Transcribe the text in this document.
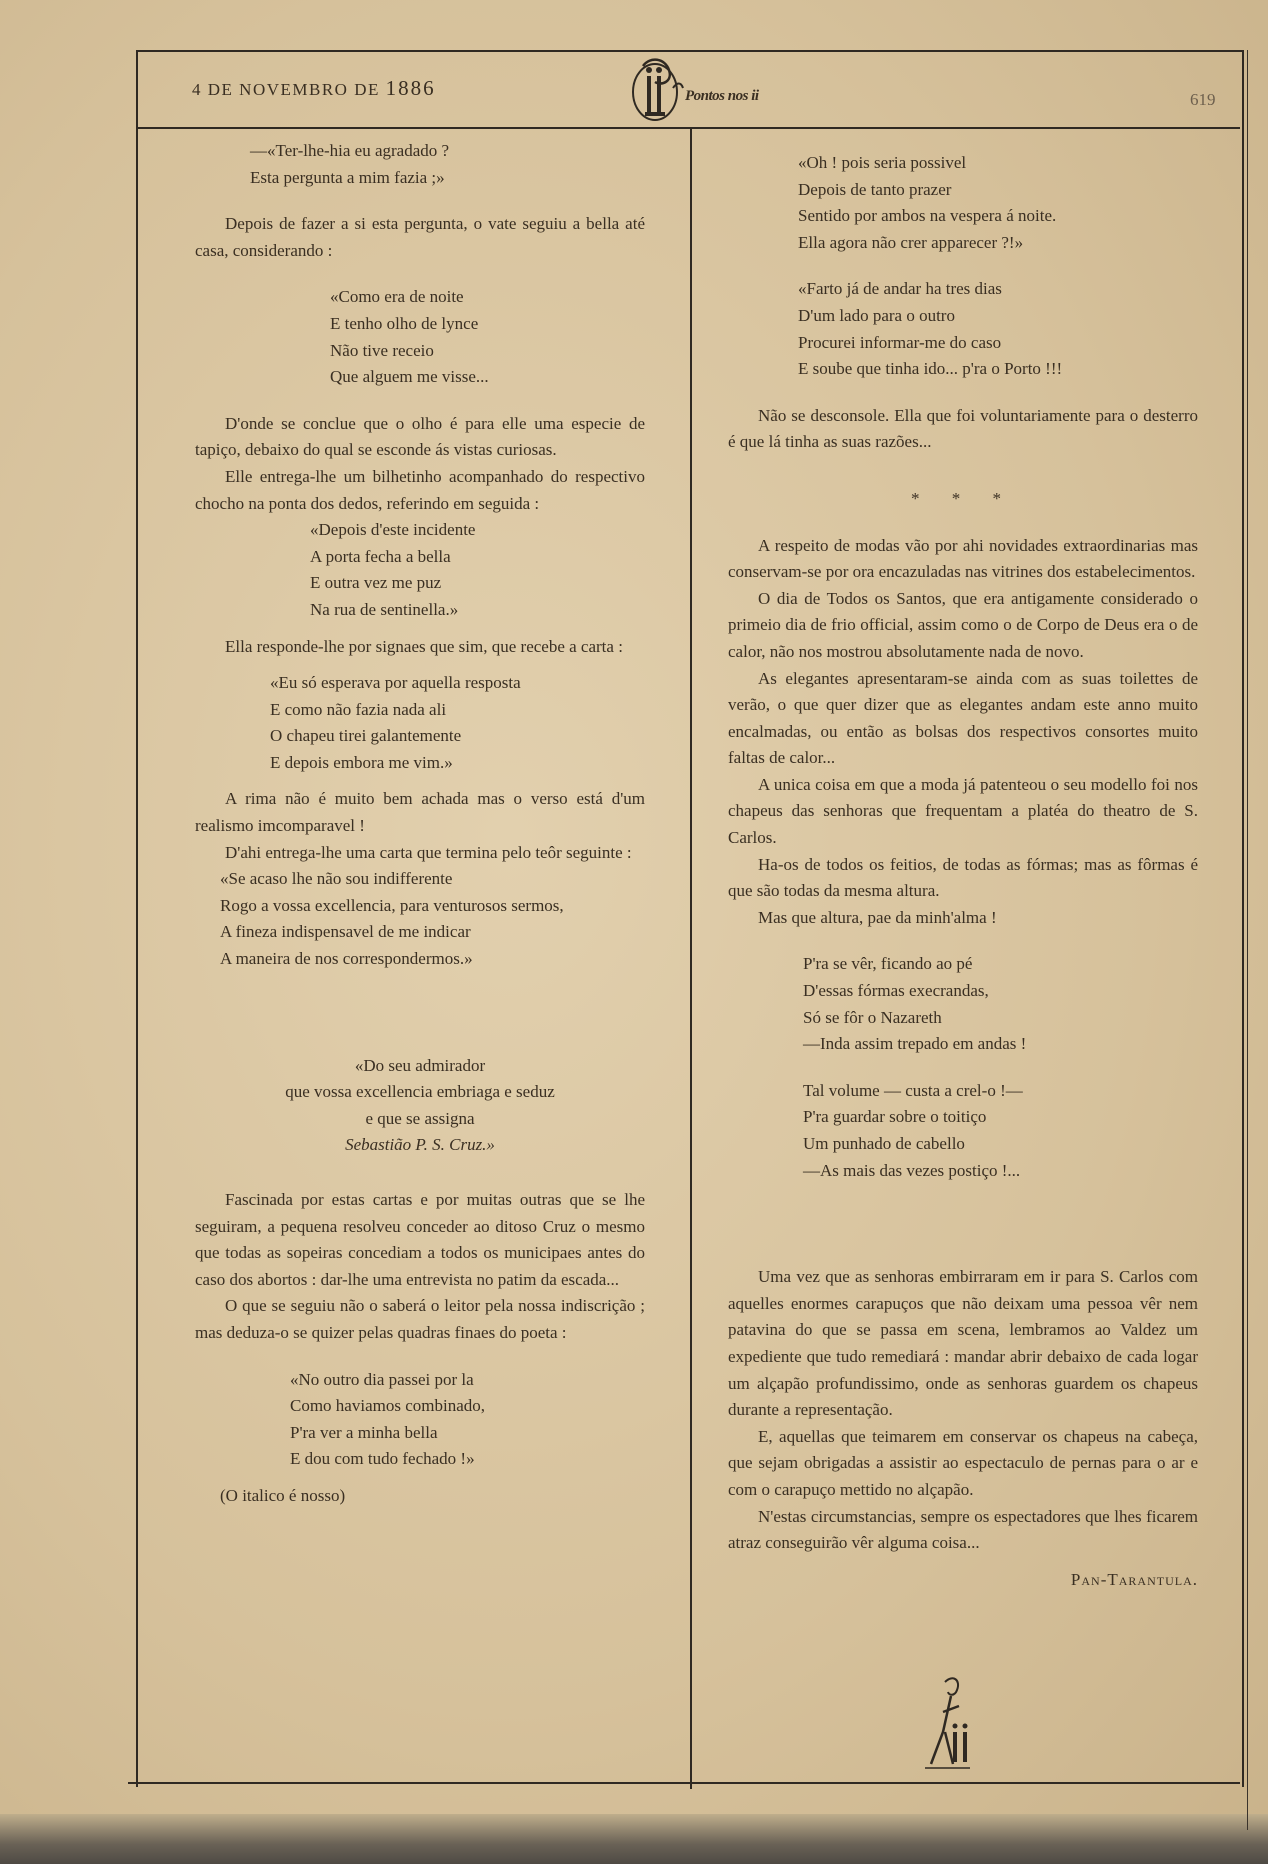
4 DE NOVEMBRO DE 1886	Pontos nos ii	619

—«Ter-lhe-hia eu agradado ?

Esta pergunta a mim fazia ;»

Depois de fazer a si esta pergunta, o vate seguiu a bella até casa, considerando :

«Como era de noite

E tenho olho de lynce

Não tive receio

Que alguem me visse...

D'onde se conclue que o olho é para elle uma especie de tapiço, debaixo do qual se esconde ás vistas curiosas.

Elle entrega-lhe um bilhetinho acompanhado do respectivo chocho na ponta dos dedos, referindo em seguida :

«Depois d'este incidente

A porta fecha a bella

E outra vez me puz

Na rua de sentinella.»

Ella responde-lhe por signaes que sim, que recebe a carta :

«Eu só esperava por aquella resposta

E como não fazia nada ali

O chapeu tirei galantemente

E depois embora me vim.»

A rima não é muito bem achada mas o verso está d'um realismo imcomparavel !

D'ahi entrega-lhe uma carta que termina pelo teôr seguinte :

«Se acaso lhe não sou indifferente

Rogo a vossa excellencia, para venturosos sermos,

A fineza indispensavel de me indicar

A maneira de nos correspondermos.»

«Do seu admirador

que vossa excellencia embriaga e seduz

e que se assigna

Sebastião P. S. Cruz.»

Fascinada por estas cartas e por muitas outras que se lhe seguiram, a pequena resolveu conceder ao ditoso Cruz o mesmo que todas as sopeiras concediam a todos os municipaes antes do caso dos abortos : dar-lhe uma entrevista no patim da escada...

O que se seguiu não o saberá o leitor pela nossa indiscrição ; mas deduza-o se quizer pelas quadras finaes do poeta :

«No outro dia passei por la

Como haviamos combinado,

P'ra ver a minha bella

E dou com tudo fechado !»

(O italico é nosso)

«Oh ! pois seria possivel

Depois de tanto prazer

Sentido por ambos na vespera á noite.

Ella agora não crer apparecer ?!»

«Farto já de andar ha tres dias

D'um lado para o outro

Procurei informar-me do caso

E soube que tinha ido... p'ra o Porto !!!

Não se desconsole. Ella que foi voluntariamente para o desterro é que lá tinha as suas razões...

* * *

A respeito de modas vão por ahi novidades extraordinarias mas conservam-se por ora encazuladas nas vitrines dos estabelecimentos.

O dia de Todos os Santos, que era antigamente considerado o primeio dia de frio official, assim como o de Corpo de Deus era o de calor, não nos mostrou absolutamente nada de novo.

As elegantes apresentaram-se ainda com as suas toilettes de verão, o que quer dizer que as elegantes andam este anno muito encalmadas, ou então as bolsas dos respectivos consortes muito faltas de calor...

A unica coisa em que a moda já patenteou o seu modello foi nos chapeus das senhoras que frequentam a platéa do theatro de S. Carlos.

Ha-os de todos os feitios, de todas as fórmas; mas as fôrmas é que são todas da mesma altura.

Mas que altura, pae da minh'alma !

P'ra se vêr, ficando ao pé

D'essas fórmas execrandas,

Só se fôr o Nazareth

—Inda assim trepado em andas !

Tal volume — custa a crel-o !—

P'ra guardar sobre o toitiço

Um punhado de cabello

—As mais das vezes postiço !...

Uma vez que as senhoras embirraram em ir para S. Carlos com aquelles enormes carapuços que não deixam uma pessoa vêr nem patavina do que se passa em scena, lembramos ao Valdez um expediente que tudo remediará : mandar abrir debaixo de cada logar um alçapão profundissimo, onde as senhoras guardem os chapeus durante a representação.

E, aquellas que teimarem em conservar os chapeus na cabeça, que sejam obrigadas a assistir ao espectaculo de pernas para o ar e com o carapuço mettido no alçapão.

N'estas circumstancias, sempre os espectadores que lhes ficarem atraz conseguirão vêr alguma coisa...

Pan-Tarantula.
